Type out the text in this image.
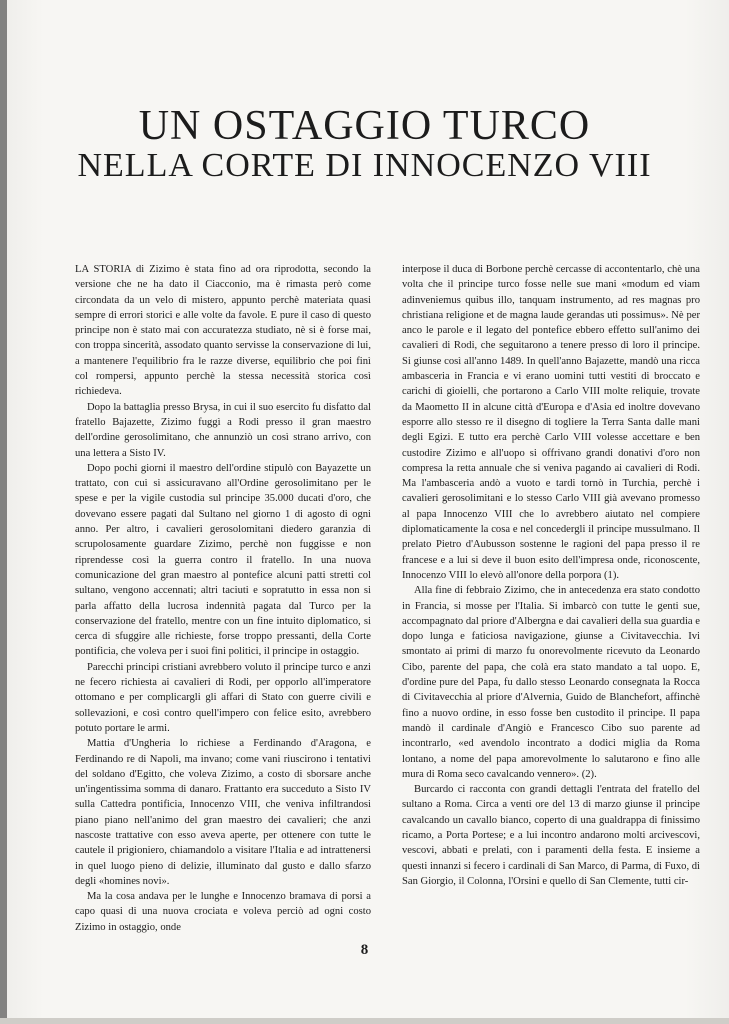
UN OSTAGGIO TURCO
NELLA CORTE DI INNOCENZO VIII

LA STORIA di Zizimo è stata fino ad ora riprodotta, secondo la versione che ne ha dato il Ciacconio, ma è rimasta però come circondata da un velo di mistero, appunto perchè materiata quasi sempre di errori storici e alle volte da favole. E pure il caso di questo principe non è stato mai con accuratezza studiato, nè si è forse mai, con troppa sincerità, assodato quanto servisse la conservazione di lui, a mantenere l'equilibrio fra le razze diverse, equilibrio che poi finì col rompersi, appunto perchè la stessa necessità storica così richiedeva.

Dopo la battaglia presso Brysa, in cui il suo esercito fu disfatto dal fratello Bajazette, Zizimo fuggì a Rodi presso il gran maestro dell'ordine gerosolimitano, che annunziò un così strano arrivo, con una lettera a Sisto IV.

Dopo pochi giorni il maestro dell'ordine stipulò con Bayazette un trattato, con cui si assicuravano all'Ordine gerosolimitano per le spese e per la vigile custodia sul principe 35.000 ducati d'oro, che dovevano essere pagati dal Sultano nel giorno 1 di agosto di ogni anno. Per altro, i cavalieri gerosolomitani diedero garanzia di scrupolosamente guardare Zizimo, perchè non fuggisse e non riprendesse così la guerra contro il fratello. In una nuova comunicazione del gran maestro al pontefice alcuni patti stretti col sultano, vengono accennati; altri taciuti e sopratutto in essa non si parla affatto della lucrosa indennità pagata dal Turco per la conservazione del fratello, mentre con un fine intuito diplomatico, si cerca di sfuggire alle richieste, forse troppo pressanti, della Corte pontificia, che voleva per i suoi fini politici, il principe in ostaggio.

Parecchi principi cristiani avrebbero voluto il principe turco e anzi ne fecero richiesta ai cavalieri di Rodi, per opporlo all'imperatore ottomano e per complicargli gli affari di Stato con guerre civili e sollevazioni, e così contro quell'impero con felice esito, avrebbero potuto portare le armi.

Mattia d'Ungheria lo richiese a Ferdinando d'Aragona, e Ferdinando re di Napoli, ma invano; come vani riuscirono i tentativi del soldano d'Egitto, che voleva Zizimo, a costo di sborsare anche un'ingentissima somma di danaro. Frattanto era succeduto a Sisto IV sulla Cattedra pontificia, Innocenzo VIII, che veniva infiltrandosi piano piano nell'animo del gran maestro dei cavalieri; che anzi nascoste trattative con esso aveva aperte, per ottenere con tutte le cautele il prigioniero, chiamandolo a visitare l'Italia e ad intrattenersi in quel luogo pieno di delizie, illuminato dal gusto e dallo sfarzo degli «homines novi».

Ma la cosa andava per le lunghe e Innocenzo bramava di porsi a capo quasi di una nuova crociata e voleva perciò ad ogni costo Zizimo in ostaggio, onde

interpose il duca di Borbone perchè cercasse di accontentarlo, chè una volta che il principe turco fosse nelle sue mani «modum ed viam adinveniemus quibus illo, tanquam instrumento, ad res magnas pro christiana religione et de magna laude gerandas uti possimus». Nè per anco le parole e il legato del pontefice ebbero effetto sull'animo dei cavalieri di Rodi, che seguitarono a tenere presso di loro il principe. Si giunse così all'anno 1489. In quell'anno Bajazette, mandò una ricca ambasceria in Francia e vi erano uomini tutti vestiti di broccato e carichi di gioielli, che portarono a Carlo VIII molte reliquie, trovate da Maometto II in alcune città d'Europa e d'Asia ed inoltre dovevano esporre allo stesso re il disegno di togliere la Terra Santa dalle mani degli Egizi. E tutto era perchè Carlo VIII volesse accettare e ben custodire Zizimo e all'uopo si offrivano grandi donativi d'oro non compresa la retta annuale che si veniva pagando ai cavalieri di Rodi. Ma l'ambasceria andò a vuoto e tardi tornò in Turchia, perchè i cavalieri gerosolimitani e lo stesso Carlo VIII già avevano promesso al papa Innocenzo VIII che lo avrebbero aiutato nel compiere diplomaticamente la cosa e nel concedergli il principe mussulmano. Il prelato Pietro d'Aubusson sostenne le ragioni del papa presso il re francese e a lui si deve il buon esito dell'impresa onde, riconoscente, Innocenzo VIII lo elevò all'onore della porpora (1).

Alla fine di febbraio Zizimo, che in antecedenza era stato condotto in Francia, si mosse per l'Italia. Si imbarcò con tutte le genti sue, accompagnato dal priore d'Albergna e dai cavalieri della sua guardia e dopo lunga e faticiosa navigazione, giunse a Civitavecchia. Ivi smontato ai primi di marzo fu onorevolmente ricevuto da Leonardo Cibo, parente del papa, che colà era stato mandato a tal uopo. E, d'ordine pure del Papa, fu dallo stesso Leonardo consegnata la Rocca di Civitavecchia al priore d'Alvernia, Guido de Blanchefort, affinchè fino a nuovo ordine, in esso fosse ben custodito il principe. Il papa mandò il cardinale d'Angiò e Francesco Cibo suo parente ad incontrarlo, «ed avendolo incontrato a dodici miglia da Roma lontano, a nome del papa amorevolmente lo salutarono e fino alle mura di Roma seco cavalcando vennero». (2).

Burcardo ci racconta con grandi dettagli l'entrata del fratello del sultano a Roma. Circa a venti ore del 13 di marzo giunse il principe cavalcando un cavallo bianco, coperto di una gualdrappa di finissimo ricamo, a Porta Portese; e a lui incontro andarono molti arcivescovi, vescovi, abbati e prelati, con i paramenti della festa. E insieme a questi innanzi si fecero i cardinali di San Marco, di Parma, di Fuxo, di San Giorgio, il Colonna, l'Orsini e quello di San Clemente, tutti cir-

8
